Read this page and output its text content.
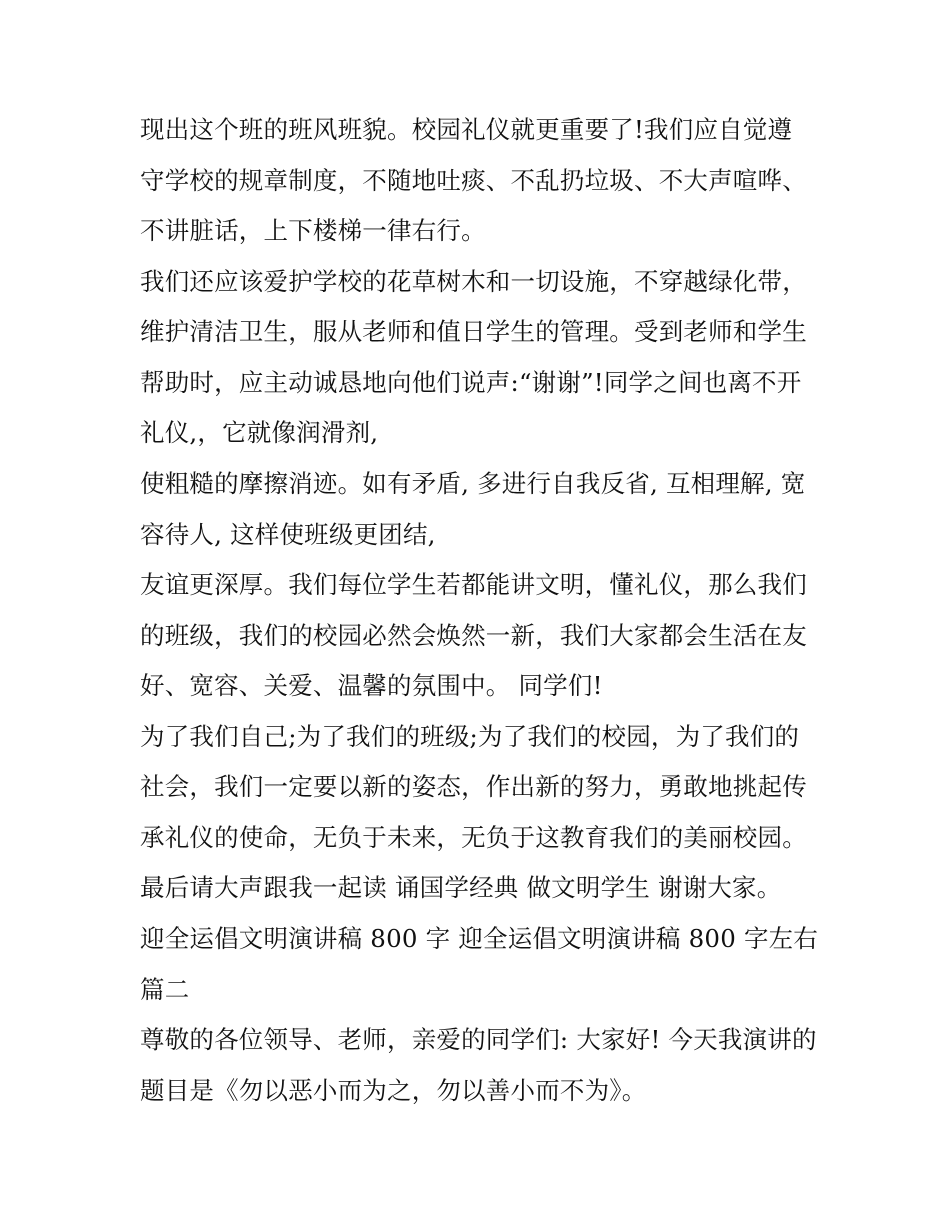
现出这个班的班风班貌。校园礼仪就更重要了!我们应自觉遵
守学校的规章制度，不随地吐痰、不乱扔垃圾、不大声喧哗、
不讲脏话，上下楼梯一律右行。
我们还应该爱护学校的花草树木和一切设施，不穿越绿化带，
维护清洁卫生，服从老师和值日学生的管理。受到老师和学生
帮助时，应主动诚恳地向他们说声:“谢谢”!同学之间也离不开
礼仪,，它就像润滑剂,
使粗糙的摩擦消迹。如有矛盾, 多进行自我反省, 互相理解, 宽
容待人, 这样使班级更团结,
友谊更深厚。我们每位学生若都能讲文明，懂礼仪，那么我们
的班级，我们的校园必然会焕然一新，我们大家都会生活在友
好、宽容、关爱、温馨的氛围中。 同学们!
为了我们自己;为了我们的班级;为了我们的校园，为了我们的
社会，我们一定要以新的姿态，作出新的努力，勇敢地挑起传
承礼仪的使命，无负于未来，无负于这教育我们的美丽校园。
最后请大声跟我一起读 诵国学经典 做文明学生 谢谢大家。
迎全运倡文明演讲稿 800 字 迎全运倡文明演讲稿 800 字左右
篇二
尊敬的各位领导、老师，亲爱的同学们: 大家好! 今天我演讲的
题目是《勿以恶小而为之，勿以善小而不为》。
